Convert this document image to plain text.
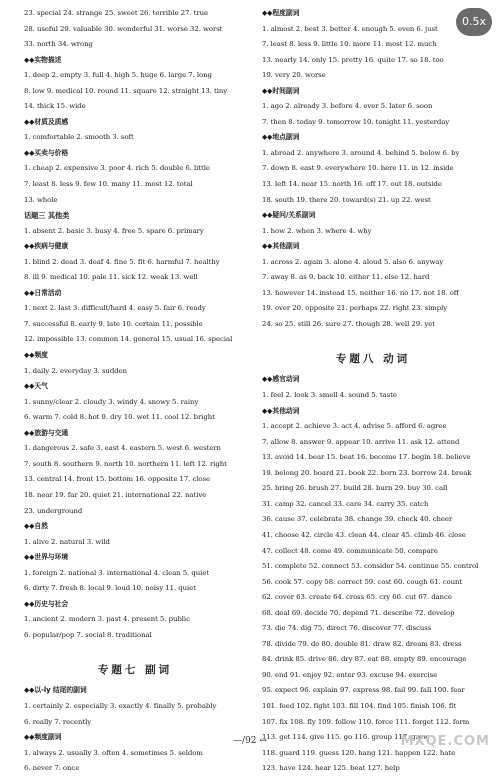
23. special 24. strange 25. sweet 26. terrible 27. true
28. useful 29. valuable 30. wonderful 31. worse 32. worst
33. north 34. wrong
◆◆实物描述
1. deep 2. empty 3. full 4. high 5. huge 6. large 7. long
8. low 9. medical 10. round 11. square 12. straight 13. tiny
14. thick 15. wide
◆◆材质及质感
1. comfortable 2. smooth 3. soft
◆◆买卖与价格
1. cheap 2. expensive 3. poor 4. rich 5. double 6. little
7. least 8. less 9. few 10. many 11. most 12. total
13. whole
话题三 其他类
1. absent 2. basic 3. busy 4. free 5. spare 6. primary
◆◆疾病与健康
1. blind 2. dead 3. deaf 4. fine 5. fit 6. harmful 7. healthy
8. ill 9. medical 10. pale 11. sick 12. weak 13. well
◆◆日常活动
1. next 2. last 3. difficult/hard 4. easy 5. fair 6. ready
7. successful 8. early 9. late 10. certain 11. possible
12. impossible 13. common 14. general 15. usual 16. special
◆◆频度
1. daily 2. everyday 3. sudden
◆◆天气
1. sunny/clear 2. cloudy 3. windy 4. snowy 5. rainy
6. warm 7. cold 8. hot 9. dry 10. wet 11. cool 12. bright
◆◆旅游与交通
1. dangerous 2. safe 3. east 4. eastern 5. west 6. western
7. south 8. southern 9. north 10. northern 11. left 12. right
13. central 14. front 15. bottom 16. opposite 17. close
18. near 19. far 20. quiet 21. international 22. native
23. underground
◆◆自然
1. alive 2. natural 3. wild
◆◆世界与环境
1. foreign 2. national 3. international 4. clean 5. quiet
6. dirty 7. fresh 8. local 9. loud 10. noisy 11. quiet
◆◆历史与社会
1. ancient 2. modern 3. past 4. present 5. public
6. popular/pop 7. social 8. traditional
专题七 副词
◆◆以-ly 结尾的副词
1. certainly 2. especially 3. exactly 4. finally 5. probably
6. really 7. recently
◆◆频度副词
1. always 2. usually 3. often 4. sometimes 5. seldom
6. never 7. once
◆◆程度副词
1. almost 2. best 3. better 4. enough 5. even 6. just
7. least 8. less 9. little 10. more 11. most 12. much
13. nearly 14. only 15. pretty 16. quite 17. so 18. too
19. very 20. worse
◆◆时间副词
1. ago 2. already 3. before 4. ever 5. later 6. soon
7. then 8. today 9. tomorrow 10. tonight 11. yesterday
◆◆地点副词
1. abroad 2. anywhere 3. around 4. behind 5. below 6. by
7. down 8. east 9. everywhere 10. here 11. in 12. inside
13. left 14. near 15. north 16. off 17. out 18. outside
18. south 19. there 20. toward(s) 21. up 22. west
◆◆疑问/关系副词
1. how 2. when 3. where 4. why
◆◆其他副词
1. across 2. again 3. alone 4. aloud 5. also 6. anyway
7. away 8. as 9. back 10. either 11. else 12. hard
13. however 14. instead 15. neither 16. no 17. not 18. off
19. over 20. opposite 21. perhaps 22. right 23. simply
24. so 25. still 26. sure 27. though 28. well 29. yet
专题八 动词
◆◆感官动词
1. feel 2. look 3. smell 4. sound 5. taste
◆◆其他动词
1. accept 2. achieve 3. act 4. advise 5. afford 6. agree
7. allow 8. answer 9. appear 10. arrive 11. ask 12. attend
13. avoid 14. bear 15. beat 16. become 17. begin 18. believe
19. belong 20. board 21. book 22. born 23. borrow 24. break
25. bring 26. brush 27. build 28. burn 29. buy 30. call
31. camp 32. cancel 33. care 34. carry 35. catch
36. cause 37. celebrate 38. change 39. check 40. cheer
41. choose 42. circle 43. clean 44. clear 45. climb 46. close
47. collect 48. come 49. communicate 50. compare
51. complete 52. connect 53. consider 54. continue 55. control
56. cook 57. copy 58. correct 59. cost 60. cough 61. count
62. cover 63. create 64. cross 65. cry 66. cut 67. dance
68. deal 69. decide 70. depend 71. describe 72. develop
73. die 74. dig 75. direct 76. discover 77. discuss
78. divide 79. do 80. double 81. draw 82. dream 83. dress
84. drink 85. drive 86. dry 87. eat 88. empty 89. encourage
90. end 91. enjoy 92. enter 93. excuse 94. exercise
95. expect 96. explain 97. express 98. fail 99. fall 100. fear
101. feed 102. fight 103. fill 104. find 105. finish 106. fit
107. fix 108. fly 109. follow 110. force 111. forget 112. form
113. get 114. give 115. go 116. group 117. grow
118. guard 119. guess 120. hang 121. happen 122. hate
123. have 124. hear 125. beat 127. help
0.5x
—/92 ↔	MXQE.COM
